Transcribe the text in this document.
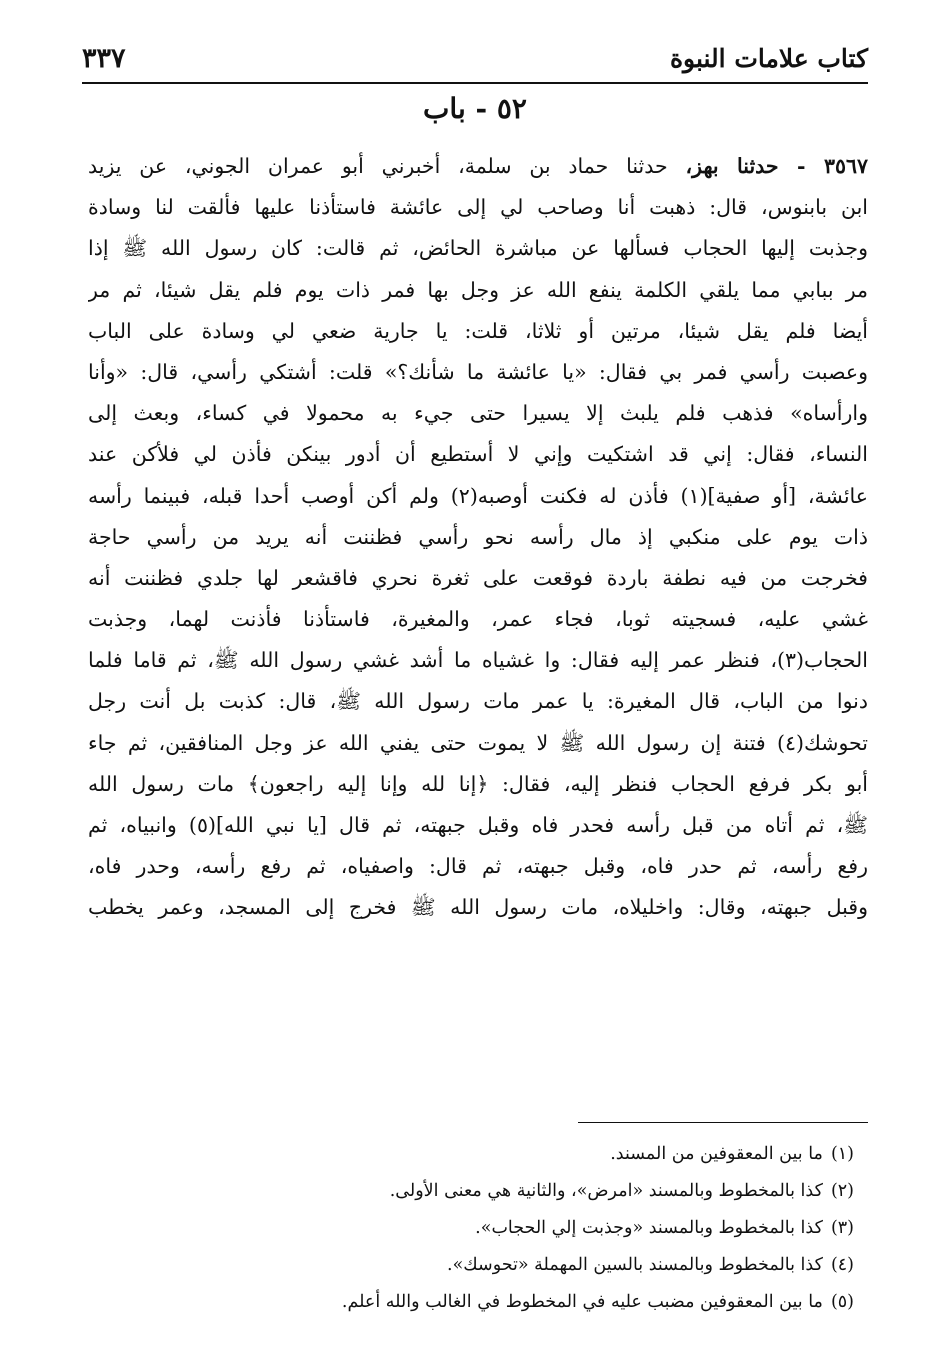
كتاب علامات النبوة
٣٣٧
٥٢ - باب
٣٥٦٧ - حدثنا بهز، حدثنا حماد بن سلمة، أخبرني أبو عمران الجوني، عن يزيد
ابن بابنوس، قال: ذهبت أنا وصاحب لي إلى عائشة فاستأذنا عليها فألقت لنا وسادة
وجذبت إليها الحجاب فسألها عن مباشرة الحائض، ثم قالت: كان رسول الله ﷺ إذا
مر ببابي مما يلقي الكلمة ينفع الله عز وجل بها فمر ذات يوم فلم يقل شيئا، ثم مر
أيضا فلم يقل شيئا، مرتين أو ثلاثا، قلت: يا جارية ضعي لي وسادة على الباب
وعصبت رأسي فمر بي فقال: «يا عائشة ما شأنك؟» قلت: أشتكي رأسي، قال: «وأنا
وارأساه» فذهب فلم يلبث إلا يسيرا حتى جيء به محمولا في كساء، وبعث إلى
النساء، فقال: إني قد اشتكيت وإني لا أستطيع أن أدور بينكن فأذن لي فلأكن عند
عائشة، [أو صفية](١) فأذن له فكنت أوصبه(٢) ولم أكن أوصب أحدا قبله، فبينما رأسه
ذات يوم على منكبي إذ مال رأسه نحو رأسي فظننت أنه يريد من رأسي حاجة
فخرجت من فيه نطفة باردة فوقعت على ثغرة نحري فاقشعر لها جلدي فظننت أنه
غشي عليه، فسجيته ثوبا، فجاء عمر، والمغيرة، فاستأذنا فأذنت لهما، وجذبت
الحجاب(٣)، فنظر عمر إليه فقال: وا غشياه ما أشد غشي رسول الله ﷺ، ثم قاما فلما
دنوا من الباب، قال المغيرة: يا عمر مات رسول الله ﷺ، قال: كذبت بل أنت رجل
تحوشك(٤) فتنة إن رسول الله ﷺ لا يموت حتى يفني الله عز وجل المنافقين، ثم جاء
أبو بكر فرفع الحجاب فنظر إليه، فقال: ﴿إنا لله وإنا إليه راجعون﴾ مات رسول الله
ﷺ، ثم أتاه من قبل رأسه فحدر فاه وقبل جبهته، ثم قال [يا نبي الله](٥) وانبياه، ثم
رفع رأسه، ثم حدر فاه، وقبل جبهته، ثم قال: واصفياه، ثم رفع رأسه، وحدر فاه،
وقبل جبهته، وقال: واخليلاه، مات رسول الله ﷺ فخرج إلى المسجد، وعمر يخطب
(١)ما بين المعقوفين من المسند.
(٢)كذا بالمخطوط وبالمسند «امرض»، والثانية هي معنى الأولى.
(٣)كذا بالمخطوط وبالمسند «وجذبت إلي الحجاب».
(٤)كذا بالمخطوط وبالمسند بالسين المهملة «تحوسك».
(٥)ما بين المعقوفين مضبب عليه في المخطوط في الغالب والله أعلم.
